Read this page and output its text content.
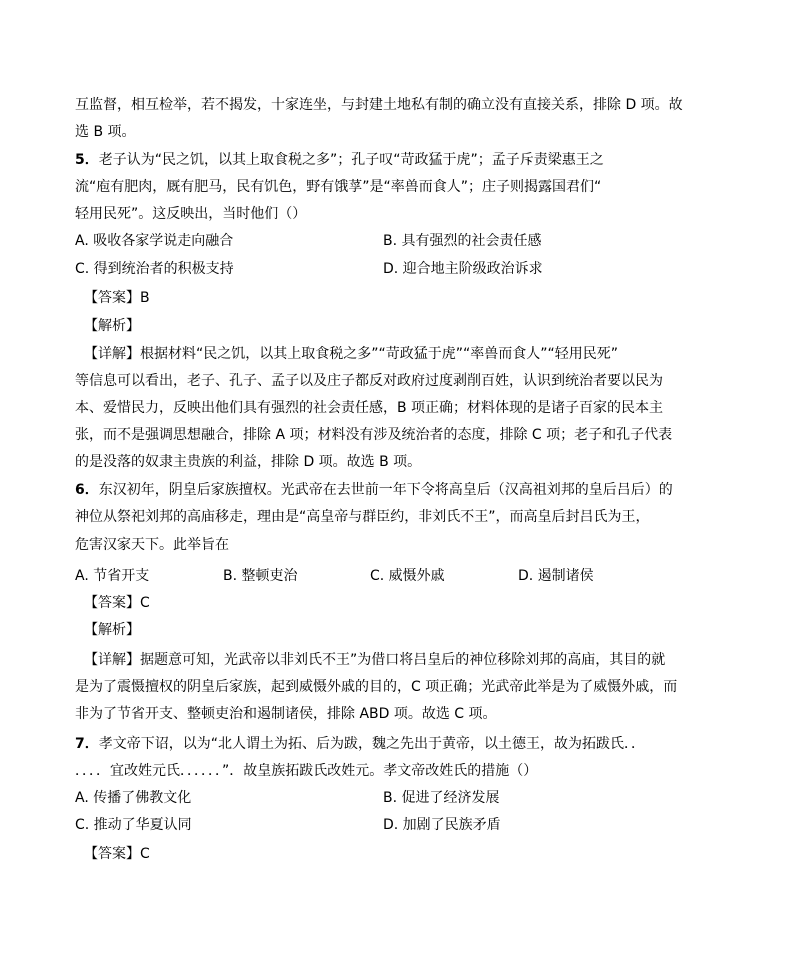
互监督，相互检举，若不揭发，十家连坐，与封建土地私有制的确立没有直接关系，排除 D 项。故
选 B 项。
5．老子认为“民之饥，以其上取食税之多”；孔子叹“苛政猛于虎”；孟子斥责梁惠王之
流“庖有肥肉，厩有肥马，民有饥色，野有饿莩”是“率兽而食人”；庄子则揭露国君们“
轻用民死”。这反映出，当时他们（）
A. 吸收各家学说走向融合	B. 具有强烈的社会责任感
C. 得到统治者的积极支持	D. 迎合地主阶级政治诉求
【答案】B
【解析】
【详解】根据材料“民之饥，以其上取食税之多”“苛政猛于虎”“率兽而食人”“轻用民死”
等信息可以看出，老子、孔子、孟子以及庄子都反对政府过度剥削百姓，认识到统治者要以民为
本、爱惜民力，反映出他们具有强烈的社会责任感，B 项正确；材料体现的是诸子百家的民本主
张，而不是强调思想融合，排除 A 项；材料没有涉及统治者的态度，排除 C 项；老子和孔子代表
的是没落的奴隶主贵族的利益，排除 D 项。故选 B 项。
6．东汉初年，阴皇后家族擅权。光武帝在去世前一年下令将高皇后（汉高祖刘邦的皇后吕后）的
神位从祭祀刘邦的高庙移走，理由是“高皇帝与群臣约，非刘氏不王”，而高皇后封吕氏为王，
危害汉家天下。此举旨在
A. 节省开支	B. 整顿吏治	C. 威慑外戚	D. 遏制诸侯
【答案】C
【解析】
【详解】据题意可知，光武帝以非刘氏不王”为借口将吕皇后的神位移除刘邦的高庙，其目的就
是为了震慑擅权的阴皇后家族，起到威慑外戚的目的，C 项正确；光武帝此举是为了威慑外戚，而
非为了节省开支、整顿吏治和遏制诸侯，排除 ABD 项。故选 C 项。
7．孝文帝下诏，以为“北人谓土为拓、后为跋，魏之先出于黄帝，以土德王，故为拓跋氏．．
．．．．宜改姓元氏．．．．．．”．故皇族拓跋氏改姓元。孝文帝改姓氏的措施（）
A. 传播了佛教文化	B. 促进了经济发展
C. 推动了华夏认同	D. 加剧了民族矛盾
【答案】C
